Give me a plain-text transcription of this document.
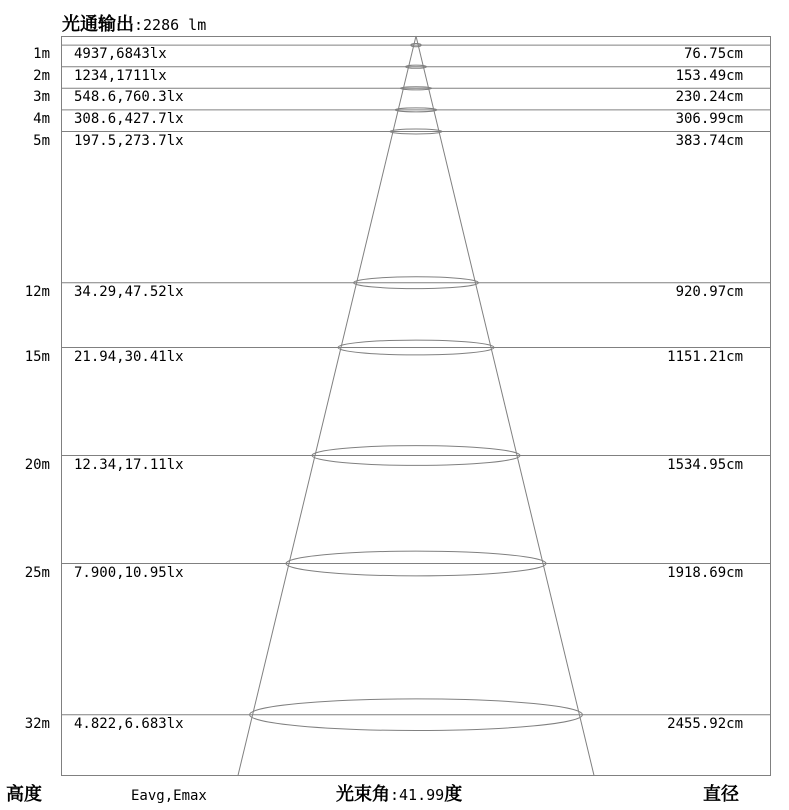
光通输出:2286 lm
1m 4937,6843lx	76.75cm
2m 1234,1711lx	153.49cm
3m 548.6,760.3lx	230.24cm
4m 308.6,427.7lx	306.99cm
5m 197.5,273.7lx	383.74cm
12m 34.29,47.52lx	920.97cm
15m 21.94,30.41lx	1151.21cm
20m 12.34,17.11lx	1534.95cm
25m 7.900,10.95lx	1918.69cm
32m 4.822,6.683lx	2455.92cm
高度	Eavg,Emax	光束角:41.99度	直径
